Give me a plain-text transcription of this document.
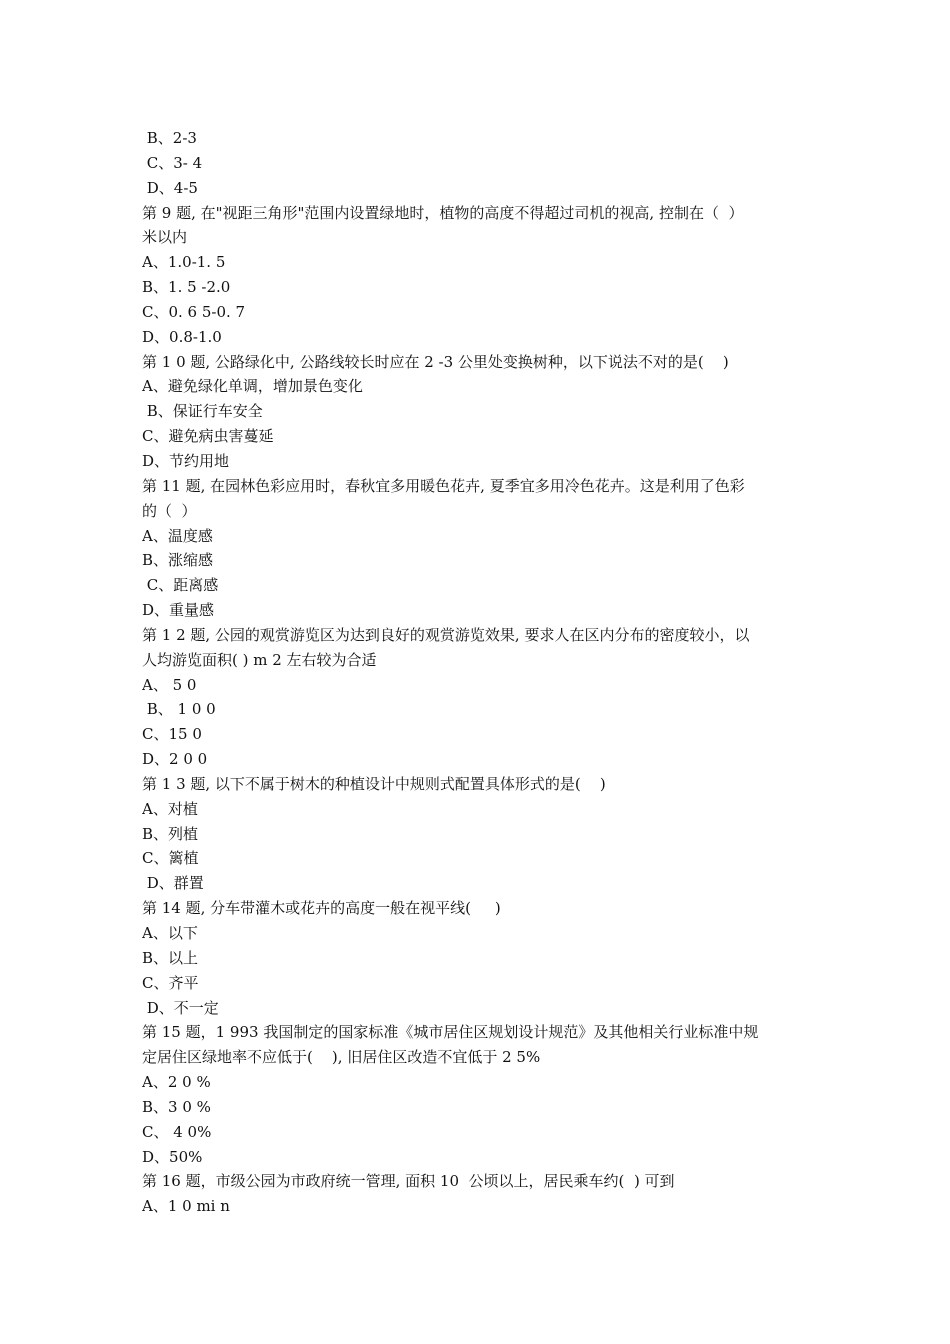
B、2-3
C、3- 4
D、4-5
第 9 题, 在"视距三角形"范围内设置绿地时，植物的高度不得超过司机的视高, 控制在（  ）
米以内
A、1.0-1. 5
B、1. 5 -2.0
C、0. 6 5-0. 7
D、0.8-1.0
第 1 0 题, 公路绿化中, 公路线较长时应在 2 -3 公里处变换树种，以下说法不对的是(    )
A、避免绿化单调，增加景色变化
B、保证行车安全
C、避免病虫害蔓延
D、节约用地
第 11 题, 在园林色彩应用时，春秋宜多用暖色花卉, 夏季宜多用冷色花卉。这是利用了色彩
的（  ）
A、温度感
B、涨缩感
C、距离感
D、重量感
第 1 2 题, 公园的观赏游览区为达到良好的观赏游览效果, 要求人在区内分布的密度较小，以
人均游览面积( ) m 2 左右较为合适
A、 5 0
B、 1 0 0
C、15 0
D、2 0 0
第 1 3 题, 以下不属于树木的种植设计中规则式配置具体形式的是(    )
A、对植
B、列植
C、篱植
D、群置
第 14 题, 分车带灌木或花卉的高度一般在视平线(     )
A、以下
B、以上
C、齐平
D、不一定
第 15 题，1 993 我国制定的国家标准《城市居住区规划设计规范》及其他相关行业标准中规
定居住区绿地率不应低于(    ), 旧居住区改造不宜低于 2 5%
A、2 0 %
B、3 0 %
C、 4 0%
D、50%
第 16 题，市级公园为市政府统一管理, 面积 10  公顷以上，居民乘车约(  ) 可到
A、1 0 mi n
